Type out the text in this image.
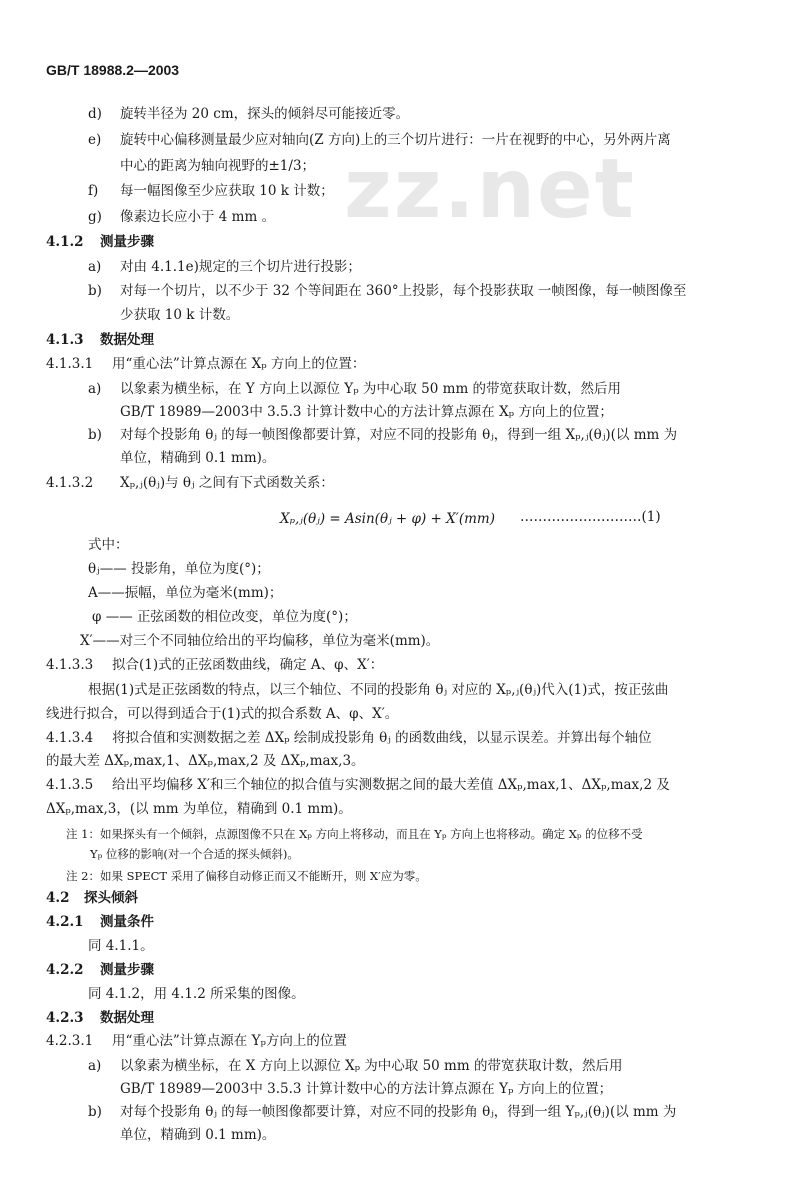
GB/T 18988.2—2003
zz.net
d) 旋转半径为 20 cm，探头的倾斜尽可能接近零。
e) 旋转中心偏移测量最少应对轴向(Z 方向)上的三个切片进行：一片在视野的中心，另外两片离
中心的距离为轴向视野的±1/3；
f) 每一幅图像至少应获取 10 k 计数；
g) 像素边长应小于 4 mm 。
4.1.2 测量步骤
a) 对由 4.1.1e)规定的三个切片进行投影；
b) 对每一个切片，以不少于 32 个等间距在 360°上投影，每个投影获取 一帧图像，每一帧图像至
少获取 10 k 计数。
4.1.3 数据处理
4.1.3.1 用“重心法”计算点源在 Xₚ 方向上的位置：
a) 以象素为横坐标，在 Y 方向上以源位 Yₚ 为中心取 50 mm 的带宽获取计数，然后用
GB/T 18989—2003中 3.5.3 计算计数中心的方法计算点源在 Xₚ 方向上的位置；
b) 对每个投影角 θⱼ 的每一帧图像都要计算，对应不同的投影角 θⱼ，得到一组 Xₚ,ⱼ(θⱼ)(以 mm 为
单位，精确到 0.1 mm)。
4.1.3.2 Xₚ,ⱼ(θⱼ)与 θⱼ 之间有下式函数关系：
Xₚ,ⱼ(θⱼ) = Asin(θⱼ + φ) + X′(mm)
式中：
θⱼ—— 投影角，单位为度(°)；
A——振幅，单位为毫米(mm)；
φ —— 正弦函数的相位改变，单位为度(°)；
X′——对三个不同轴位给出的平均偏移，单位为毫米(mm)。
4.1.3.3 拟合(1)式的正弦函数曲线，确定 A、φ、X′：
根据(1)式是正弦函数的特点，以三个轴位、不同的投影角 θⱼ 对应的 Xₚ,ⱼ(θⱼ)代入(1)式，按正弦曲
线进行拟合，可以得到适合于(1)式的拟合系数 A、φ、X′。
4.1.3.4 将拟合值和实测数据之差 ΔXₚ 绘制成投影角 θⱼ 的函数曲线，以显示误差。并算出每个轴位
的最大差 ΔXₚ,max,1、ΔXₚ,max,2 及 ΔXₚ,max,3。
4.1.3.5 给出平均偏移 X′和三个轴位的拟合值与实测数据之间的最大差值 ΔXₚ,max,1、ΔXₚ,max,2 及
ΔXₚ,max,3，(以 mm 为单位，精确到 0.1 mm)。
注 1：如果探头有一个倾斜，点源图像不只在 Xₚ 方向上将移动，而且在 Yₚ 方向上也将移动。确定 Xₚ 的位移不受
Yₚ 位移的影响(对一个合适的探头倾斜)。
注 2：如果 SPECT 采用了偏移自动修正而又不能断开，则 X′应为零。
4.2 探头倾斜
4.2.1 测量条件
同 4.1.1。
4.2.2 测量步骤
同 4.1.2，用 4.1.2 所采集的图像。
4.2.3 数据处理
4.2.3.1 用“重心法”计算点源在 Yₚ方向上的位置
a) 以象素为横坐标，在 X 方向上以源位 Xₚ 为中心取 50 mm 的带宽获取计数，然后用
GB/T 18989—2003中 3.5.3 计算计数中心的方法计算点源在 Yₚ 方向上的位置；
b) 对每个投影角 θⱼ 的每一帧图像都要计算，对应不同的投影角 θⱼ，得到一组 Yₚ,ⱼ(θⱼ)(以 mm 为
单位，精确到 0.1 mm)。
………………………(1)
